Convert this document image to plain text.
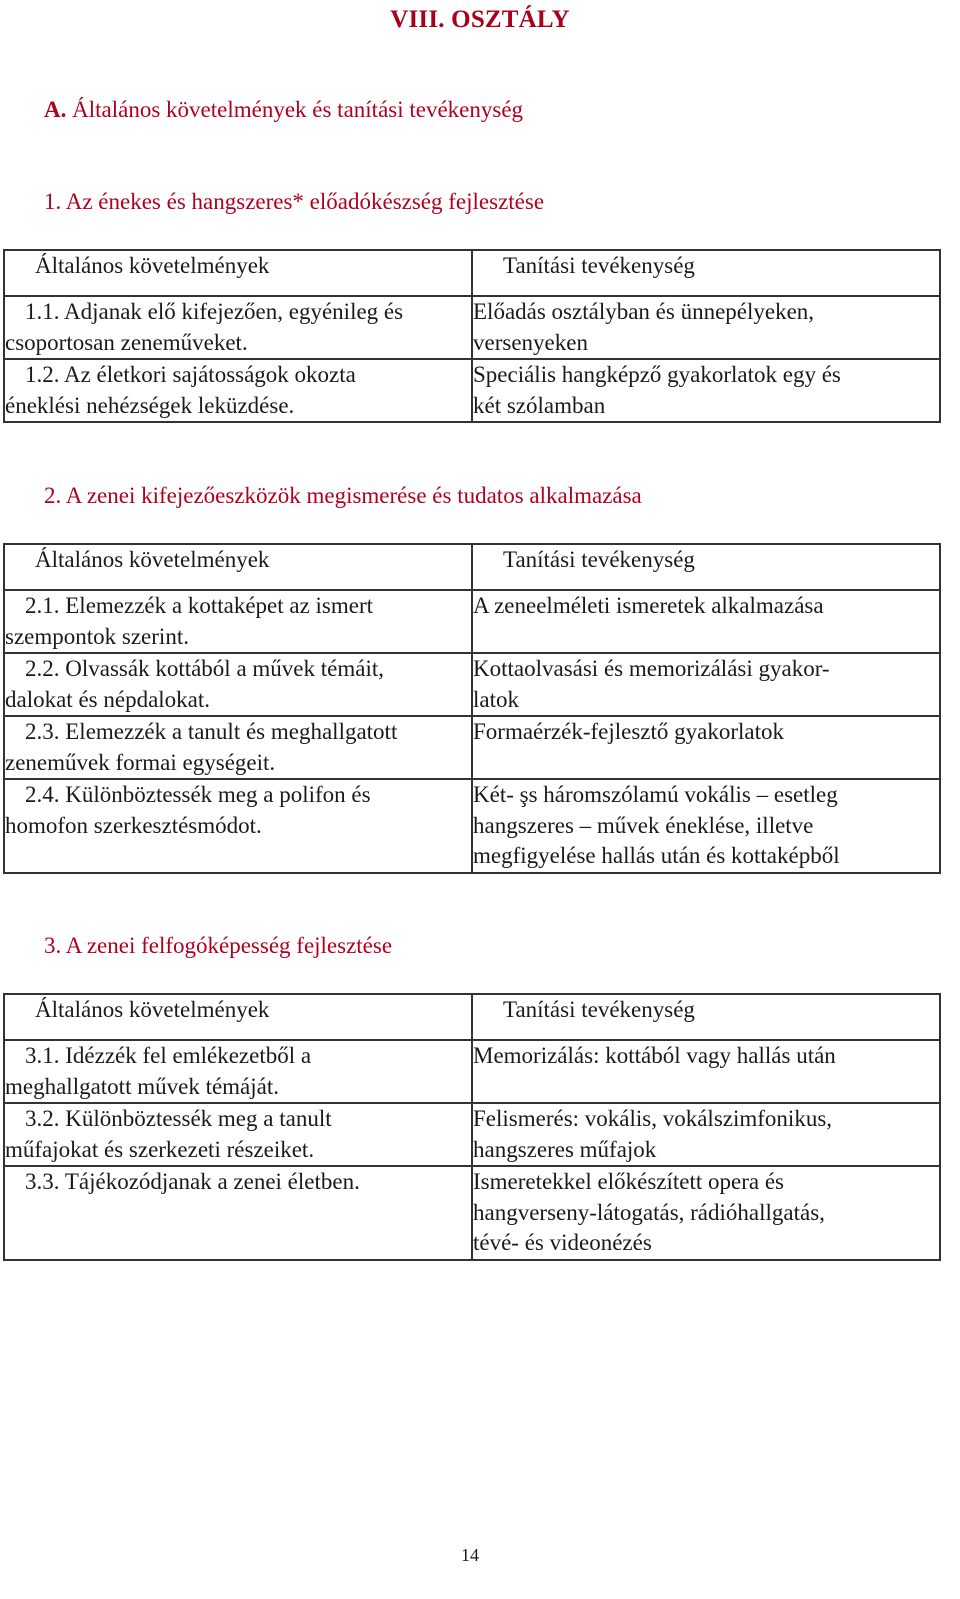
VIII. OSZTÁLY
A. Általános követelmények és tanítási tevékenység
1. Az énekes és hangszeres* előadókészség fejlesztése
Általános követelmények	Tanítási tevékenység

1.1. Adjanak elő kifejezően, egyénileg és
csoportosan zeneműveket.	Előadás osztályban és ünnepélyeken,
versenyeken

1.2. Az életkori sajátosságok okozta
éneklési nehézségek leküzdése.	Speciális hangképző gyakorlatok egy és
két szólamban
2. A zenei kifejezőeszközök megismerése és tudatos alkalmazása
Általános követelmények	Tanítási tevékenység

2.1. Elemezzék a kottaképet az ismert
szempontok szerint.	A zeneelméleti ismeretek alkalmazása

2.2. Olvassák kottából a művek témáit,
dalokat és népdalokat.	Kottaolvasási és memorizálási gyakor-
latok

2.3. Elemezzék a tanult és meghallgatott
zeneművek formai egységeit.	Formaérzék-fejlesztő gyakorlatok

2.4. Különböztessék meg a polifon és
homofon szerkesztésmódot.	Két- şs háromszólamú vokális – esetleg
hangszeres – művek éneklése, illetve
megfigyelése hallás után és kottaképből
3. A zenei felfogóképesség fejlesztése
Általános követelmények	Tanítási tevékenység

3.1. Idézzék fel emlékezetből a
meghallgatott művek témáját.	Memorizálás: kottából vagy hallás után

3.2. Különböztessék meg a tanult
műfajokat és szerkezeti részeiket.	Felismerés: vokális, vokálszimfonikus,
hangszeres műfajok

3.3. Tájékozódjanak a zenei életben.	Ismeretekkel előkészített opera és
hangverseny-látogatás, rádióhallgatás,
tévé- és videonézés
14
